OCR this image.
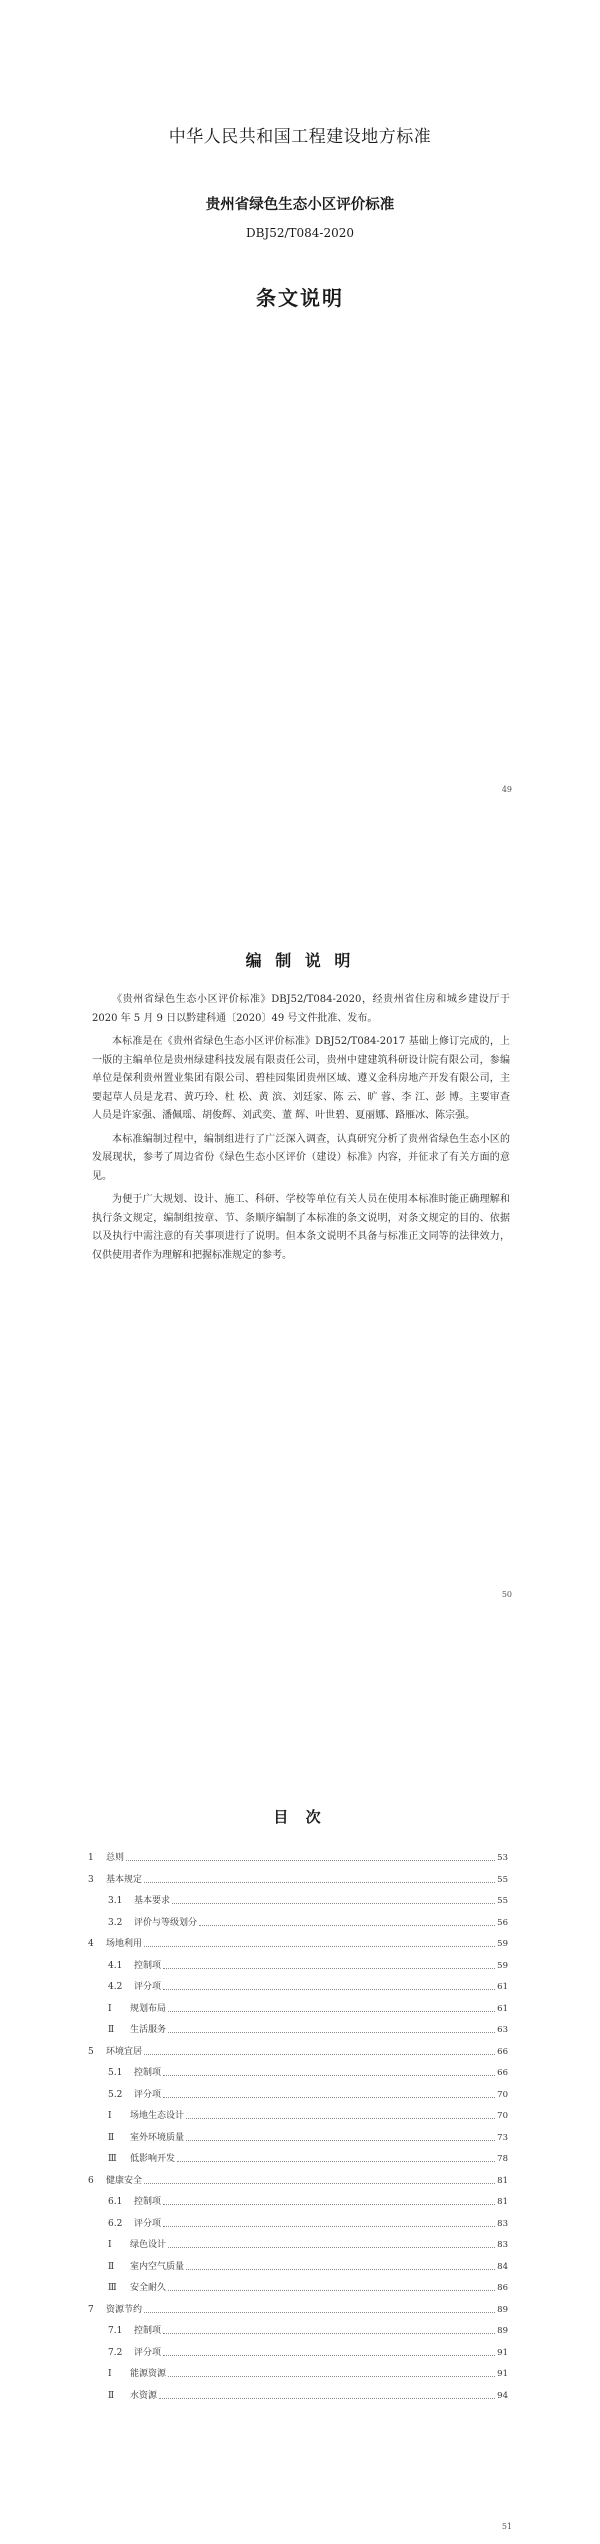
中华人民共和国工程建设地方标准
贵州省绿色生态小区评价标准
DBJ52/T084-2020
条文说明
49
编 制 说 明

《贵州省绿色生态小区评价标准》DBJ52/T084-2020，经贵州省住房和城乡建设厅于 2020 年 5 月 9 日以黔建科通〔2020〕49 号文件批准、发布。

本标准是在《贵州省绿色生态小区评价标准》DBJ52/T084-2017 基础上修订完成的，上一版的主编单位是贵州绿建科技发展有限责任公司，贵州中建建筑科研设计院有限公司，参编单位是保利贵州置业集团有限公司、碧桂园集团贵州区域、遵义金科房地产开发有限公司，主要起草人员是龙君、黄巧玲、杜 松、黄 滨、刘廷家、陈 云、旷 蓉、李 江、彭 博。主要审查人员是许家强、潘佩瑶、胡俊辉、刘武奕、董 辉、叶世碧、夏丽娜、路雁冰、陈宗强。

本标准编制过程中，编制组进行了广泛深入调查，认真研究分析了贵州省绿色生态小区的发展现状，参考了周边省份《绿色生态小区评价（建设）标准》内容，并征求了有关方面的意见。

为便于广大规划、设计、施工、科研、学校等单位有关人员在使用本标准时能正确理解和执行条文规定，编制组按章、节、条顺序编制了本标准的条文说明，对条文规定的目的、依据以及执行中需注意的有关事项进行了说明。但本条文说明不具备与标准正文同等的法律效力，仅供使用者作为理解和把握标准规定的参考。

50
目 次
1	总则	53
3	基本规定	55
3.1	基本要求	55
3.2	评价与等级划分	56
4	场地利用	59
4.1	控制项	59
4.2	评分项	61
Ⅰ	规划布局	61
Ⅱ	生活服务	63
5	环境宜居	66
5.1	控制项	66
5.2	评分项	70
Ⅰ	场地生态设计	70
Ⅱ	室外环境质量	73
Ⅲ	低影响开发	78
6	健康安全	81
6.1	控制项	81
6.2	评分项	83
Ⅰ	绿色设计	83
Ⅱ	室内空气质量	84
Ⅲ	安全耐久	86
7	资源节约	89
7.1	控制项	89
7.2	评分项	91
Ⅰ	能源资源	91
Ⅱ	水资源	94
51
